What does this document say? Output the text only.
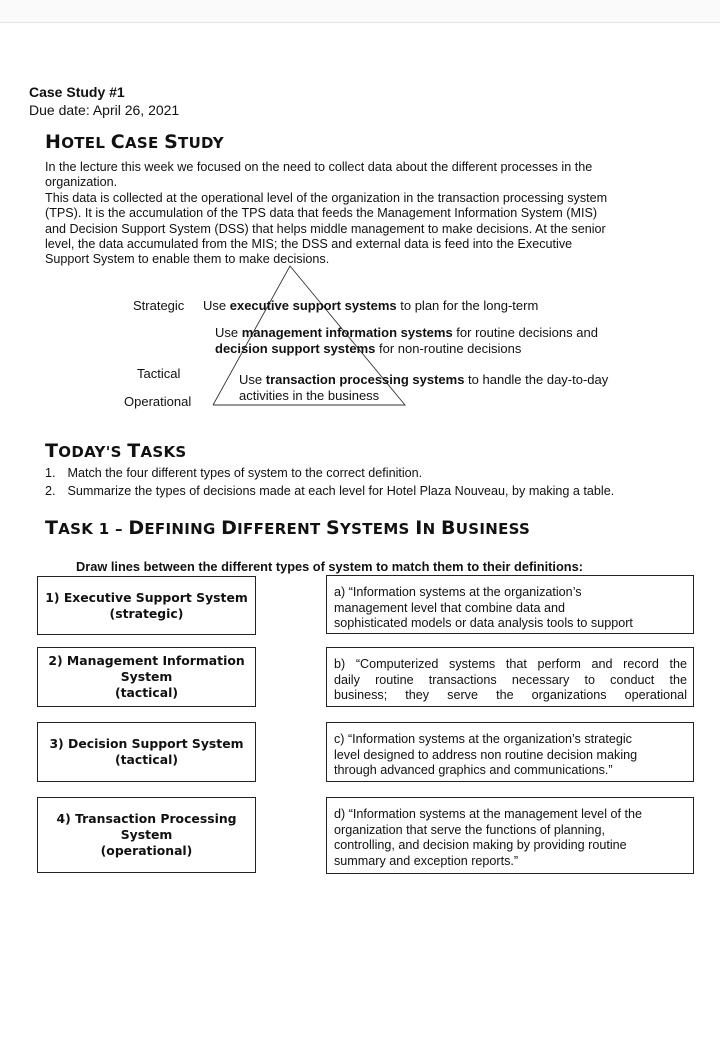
Case Study #1
Due date: April 26, 2021
HOTEL CASE STUDY
In the lecture this week we focused on the need to collect data about the different processes in the
organization.
This data is collected at the operational level of the organization in the transaction processing system
(TPS). It is the accumulation of the TPS data that feeds the Management Information System (MIS)
and Decision Support System (DSS) that helps middle management to make decisions. At the senior
level, the data accumulated from the MIS; the DSS and external data is feed into the Executive
Support System to enable them to make decisions.
Strategic Use executive support systems to plan for the long-term
Use management information systems for routine decisions and
decision support systems for non-routine decisions
Tactical	Use transaction processing systems to handle the day-to-day
activities in the business
Operational
TODAY'S TASKS
1. Match the four different types of system to the correct definition.
2. Summarize the types of decisions made at each level for Hotel Plaza Nouveau, by making a table.
TASK 1 – DEFINING DIFFERENT SYSTEMS IN BUSINESS
Draw lines between the different types of system to match them to their definitions:
1) Executive Support System
(strategic)
2) Management Information
System
(tactical)
3) Decision Support System
(tactical)
4) Transaction Processing
System
(operational)
a) “Information systems at the organization’s
management level that combine data and
sophisticated models or data analysis tools to support
b) “Computerized systems that perform and record the
daily routine transactions necessary to conduct the
business; they serve the organizations operational
c) “Information systems at the organization’s strategic
level designed to address non routine decision making
through advanced graphics and communications.”
d) “Information systems at the management level of the
organization that serve the functions of planning,
controlling, and decision making by providing routine
summary and exception reports.”
